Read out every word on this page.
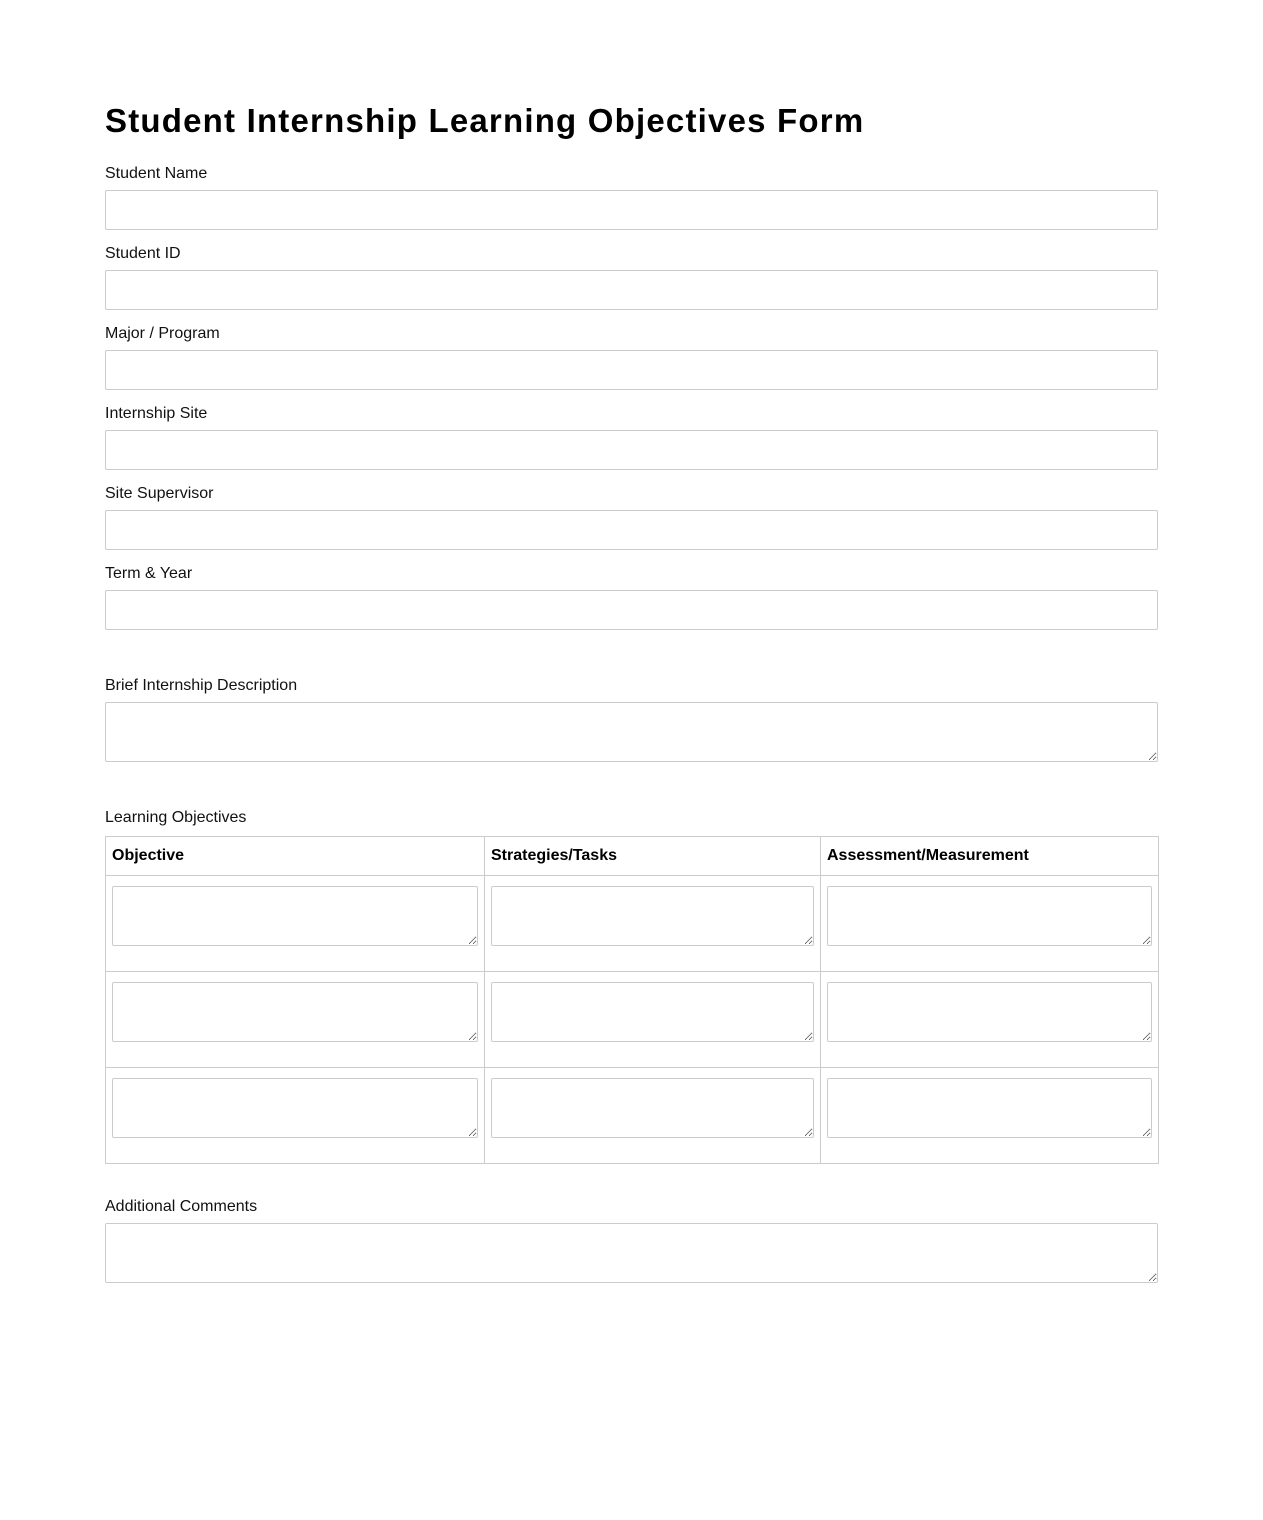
Student Internship Learning Objectives Form
Student Name
Student ID
Major / Program
Internship Site
Site Supervisor
Term & Year
Brief Internship Description
Learning Objectives
Objective	Strategies/Tasks	Assessment/Measurement

Additional Comments
